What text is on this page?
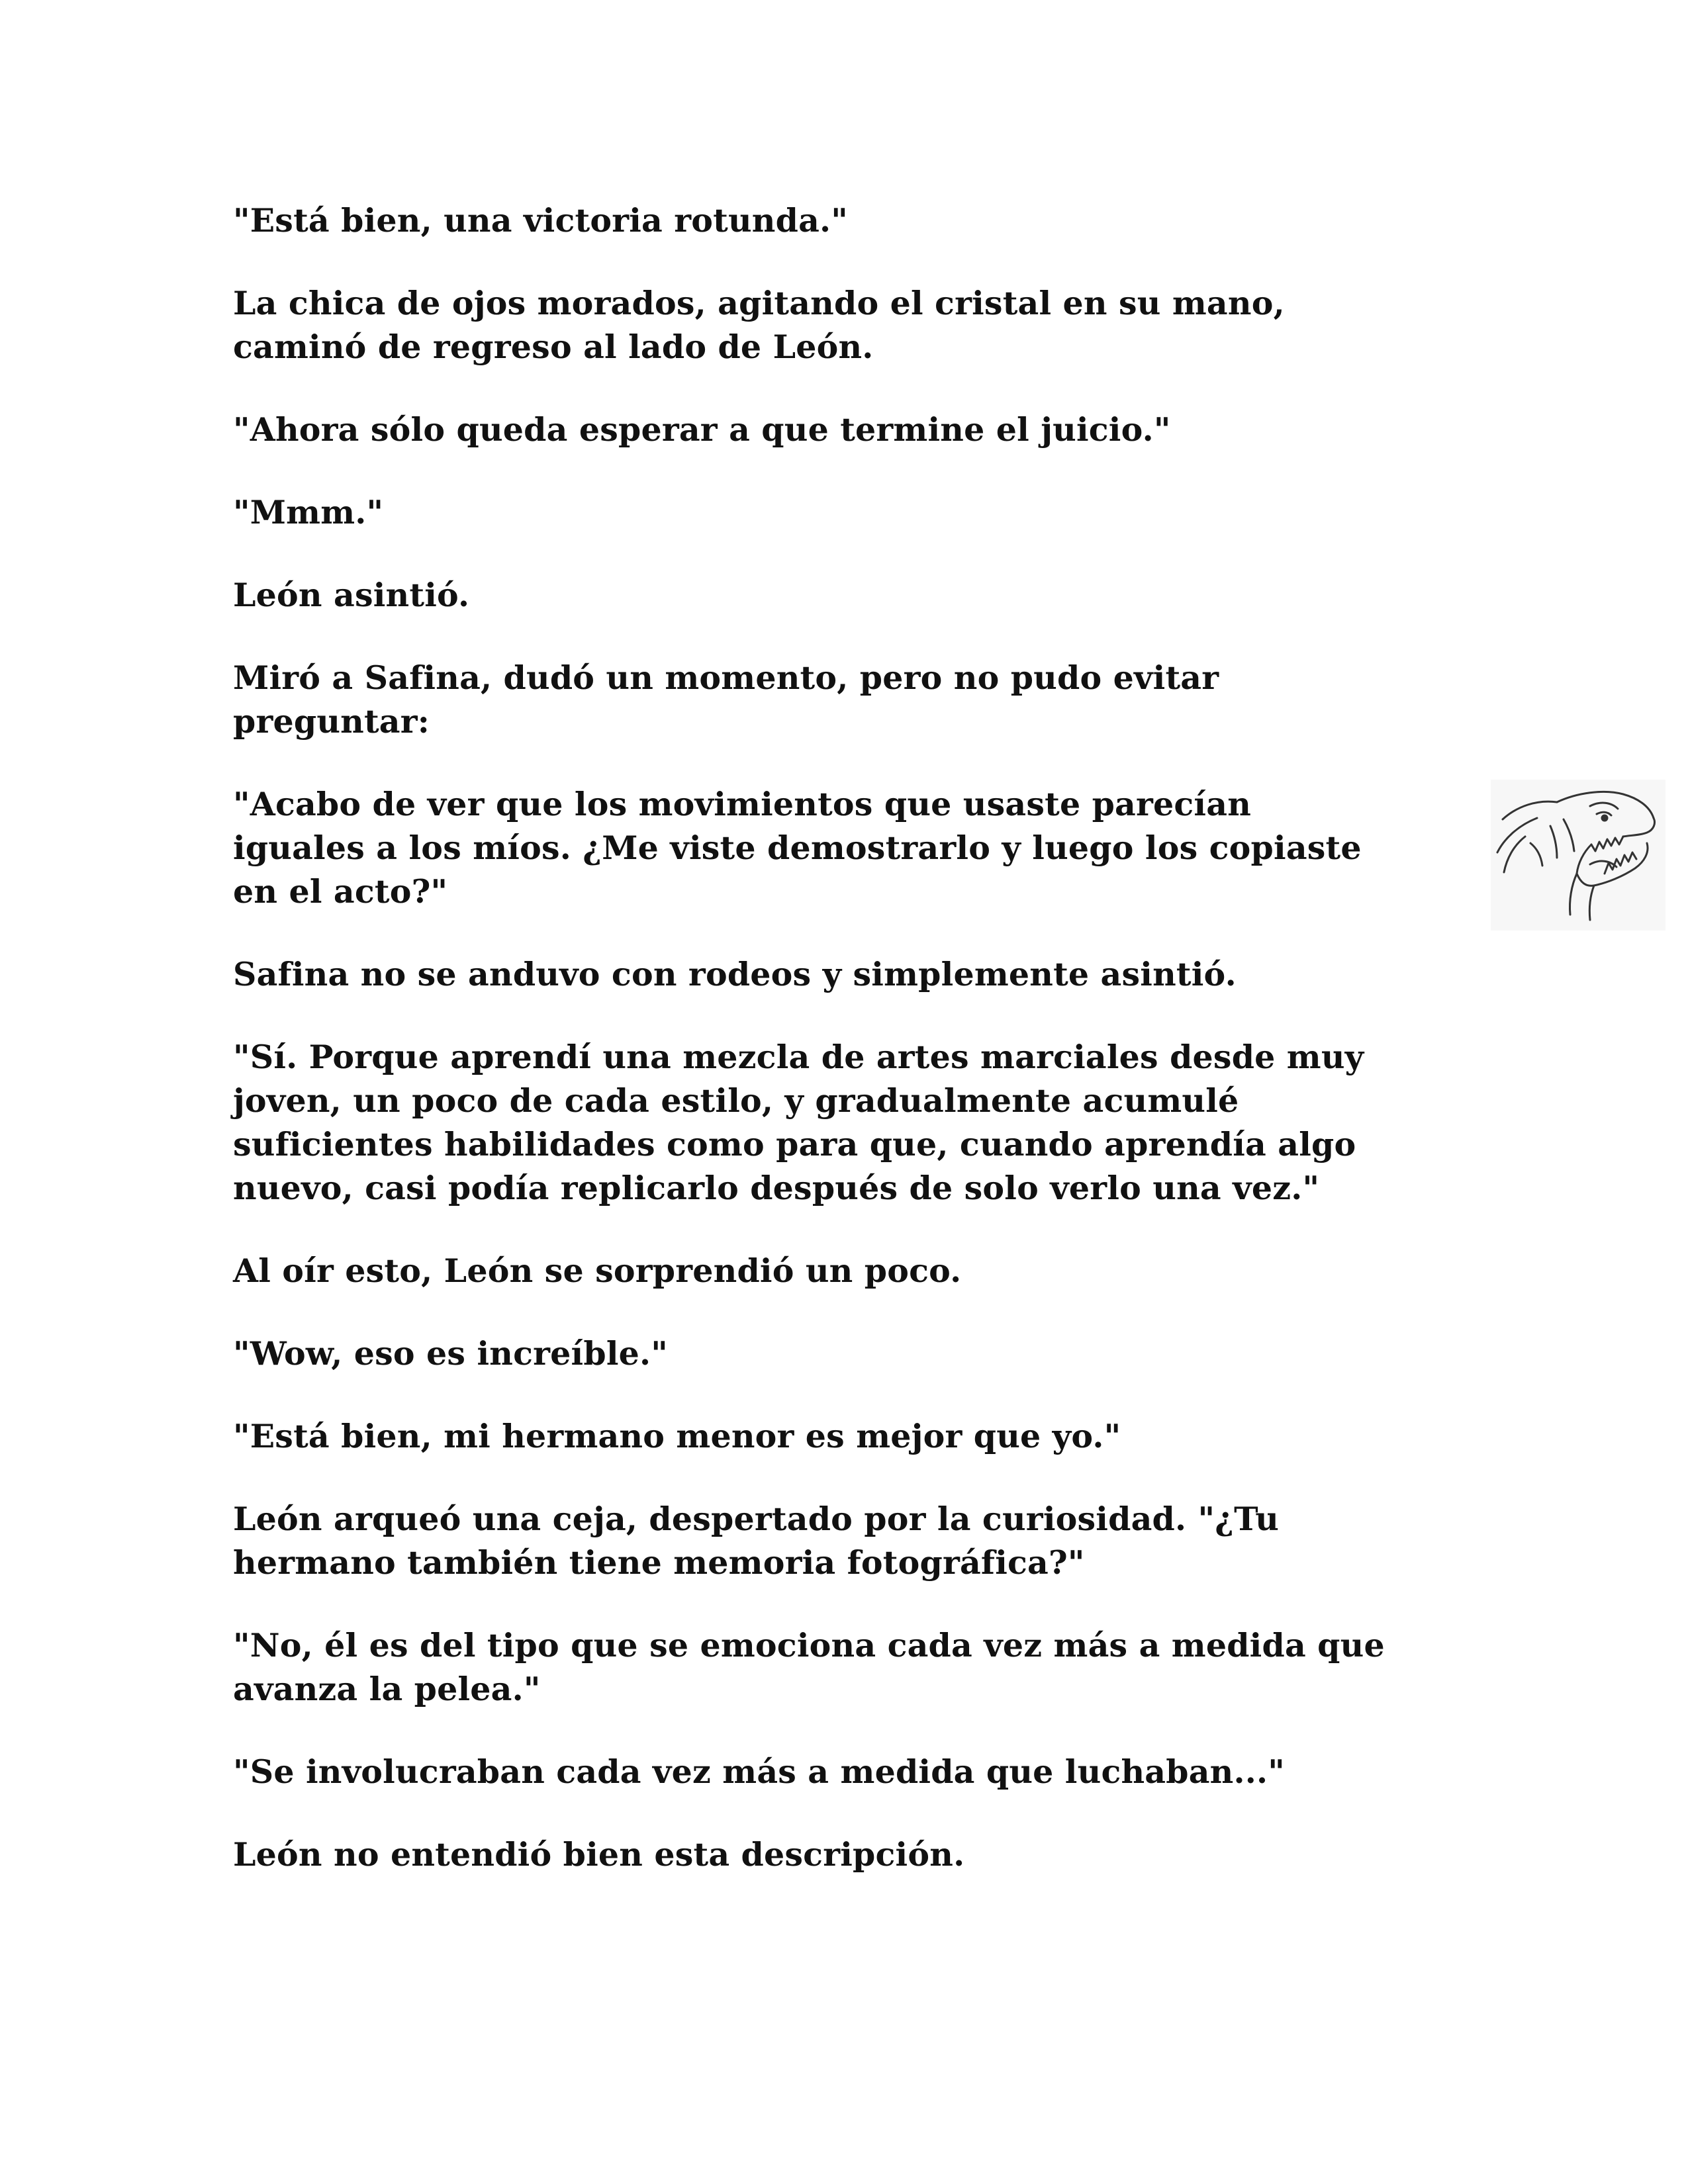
"Está bien, una victoria rotunda."

La chica de ojos morados, agitando el cristal en su mano,
caminó de regreso al lado de León.

"Ahora sólo queda esperar a que termine el juicio."

"Mmm."

León asintió.

Miró a Safina, dudó un momento, pero no pudo evitar
preguntar:

"Acabo de ver que los movimientos que usaste parecían
iguales a los míos. ¿Me viste demostrarlo y luego los copiaste
en el acto?"

Safina no se anduvo con rodeos y simplemente asintió.

"Sí. Porque aprendí una mezcla de artes marciales desde muy
joven, un poco de cada estilo, y gradualmente acumulé
suficientes habilidades como para que, cuando aprendía algo
nuevo, casi podía replicarlo después de solo verlo una vez."

Al oír esto, León se sorprendió un poco.

"Wow, eso es increíble."

"Está bien, mi hermano menor es mejor que yo."

León arqueó una ceja, despertado por la curiosidad. "¿Tu
hermano también tiene memoria fotográfica?"

"No, él es del tipo que se emociona cada vez más a medida que
avanza la pelea."

"Se involucraban cada vez más a medida que luchaban..."

León no entendió bien esta descripción.
